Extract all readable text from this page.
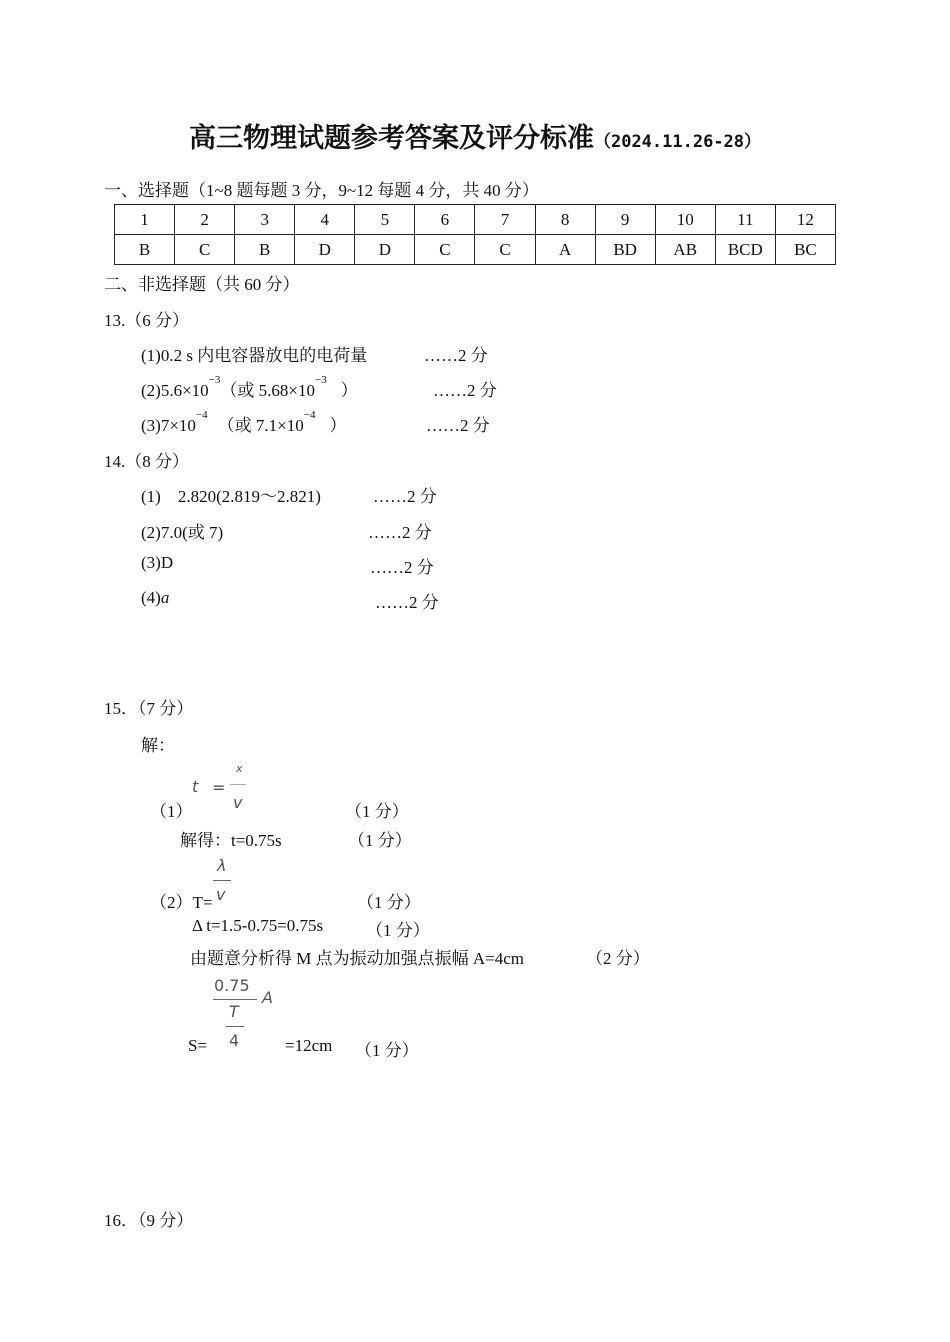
高三物理试题参考答案及评分标准（2024.11.26-28）
一、选择题（1~8 题每题 3 分，9~12 每题 4 分，共 40 分）
1	2	3	4	5	6	7	8	9	10	11	12
B	C	B	D	D	C	C	A	BD	AB	BCD	BC
二、非选择题（共 60 分）
13.（6 分）
(1)0.2 s 内电容器放电的电荷量	……2 分
$(2)5.6\times 10^{-3}$（或 $5.68\times 10^{-3}$）	……2 分
$(3)7\times 10^{-4}$（或 $7.1\times 10^{-4}$）	……2 分
14.（8 分）
(1)　2.820(2.819～2.821)	……2 分
(2)7.0(或 7)	……2 分
(3)D	……2 分
(4)a	……2 分
15．（7 分）
解：
（1）
t =
x
v	（1 分）
解得：t=0.75s	（1 分）
λ
（2）T= v	（1 分）
Δ t=1.5-0.75=0.75s	（1 分）
由题意分析得 M 点为振动加强点振幅 A=4cm	（2 分）
0.75
T
A
S= 4	=12cm （1 分）
16．（9 分）
